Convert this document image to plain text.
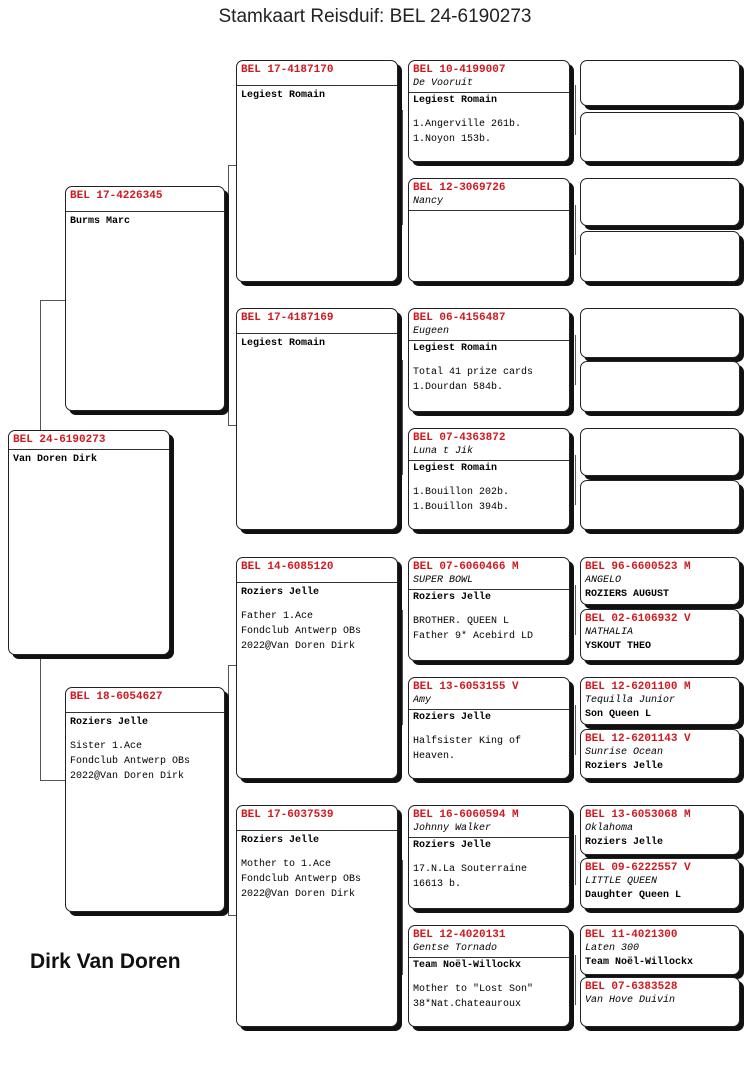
Stamkaart Reisduif: BEL 24-6190273
BEL 24-6190273
Van Doren Dirk
BEL 17-4226345
Burms Marc
BEL 18-6054627
Roziers Jelle
Sister 1.Ace
Fondclub Antwerp OBs
2022@Van Doren Dirk
BEL 17-4187170
Legiest Romain
BEL 17-4187169
Legiest Romain
BEL 14-6085120
Roziers Jelle
Father 1.Ace
Fondclub Antwerp OBs
2022@Van Doren Dirk
BEL 17-6037539
Roziers Jelle
Mother to 1.Ace
Fondclub Antwerp OBs
2022@Van Doren Dirk
BEL 10-4199007
De Vooruit
Legiest Romain
1.Angerville 261b.
1.Noyon 153b.
BEL 12-3069726
Nancy
BEL 06-4156487
Eugeen
Legiest Romain
Total 41 prize cards
1.Dourdan 584b.
BEL 07-4363872
Luna t Jik
Legiest Romain
1.Bouillon 202b.
1.Bouillon 394b.
BEL 07-6060466 M
SUPER BOWL
Roziers Jelle
BROTHER. QUEEN L
Father 9* Acebird LD
BEL 13-6053155 V
Amy
Roziers Jelle
Halfsister King of
Heaven.
BEL 16-6060594 M
Johnny Walker
Roziers Jelle
17.N.La Souterraine
16613 b.
BEL 12-4020131
Gentse Tornado
Team Noël-Willockx
Mother to "Lost Son"
38*Nat.Chateauroux
BEL 96-6600523 M
ANGELO
ROZIERS AUGUST
BEL 02-6106932 V
NATHALIA
YSKOUT THEO
BEL 12-6201100 M
Tequilla Junior
Son Queen L
BEL 12-6201143 V
Sunrise Ocean
Roziers Jelle
BEL 13-6053068 M
Oklahoma
Roziers Jelle
BEL 09-6222557 V
LITTLE QUEEN
Daughter Queen L
BEL 11-4021300
Laten 300
Team Noël-Willockx
BEL 07-6383528
Van Hove Duivin
Dirk Van Doren
